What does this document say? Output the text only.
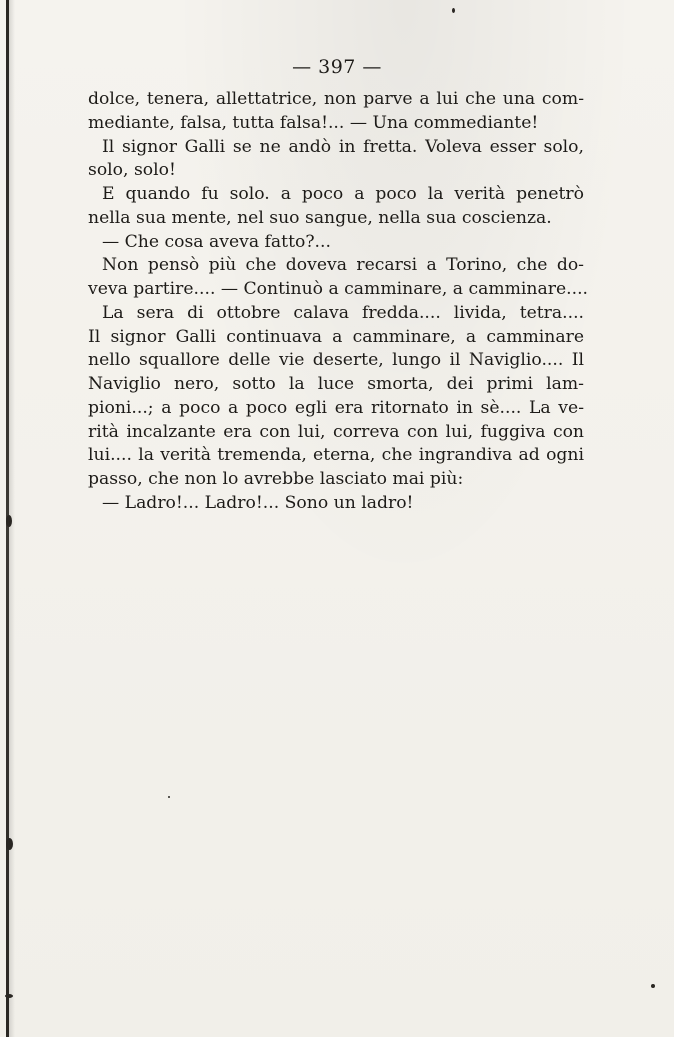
— 397 —
dolce, tenera, allettatrice, non parve a lui che una com-
mediante, falsa, tutta falsa!... — Una commediante!
Il signor Galli se ne andò in fretta. Voleva esser solo,
solo, solo!
E quando fu solo. a poco a poco la verità penetrò
nella sua mente, nel suo sangue, nella sua coscienza.
— Che cosa aveva fatto?...
Non pensò più che doveva recarsi a Torino, che do-
veva partire.... — Continuò a camminare, a camminare....
La sera di ottobre calava fredda.... livida, tetra....
Il signor Galli continuava a camminare, a camminare
nello squallore delle vie deserte, lungo il Naviglio.... Il
Naviglio nero, sotto la luce smorta, dei primi lam-
pioni...; a poco a poco egli era ritornato in sè.... La ve-
rità incalzante era con lui, correva con lui, fuggiva con
lui.... la verità tremenda, eterna, che ingrandiva ad ogni
passo, che non lo avrebbe lasciato mai più:
— Ladro!... Ladro!... Sono un ladro!
